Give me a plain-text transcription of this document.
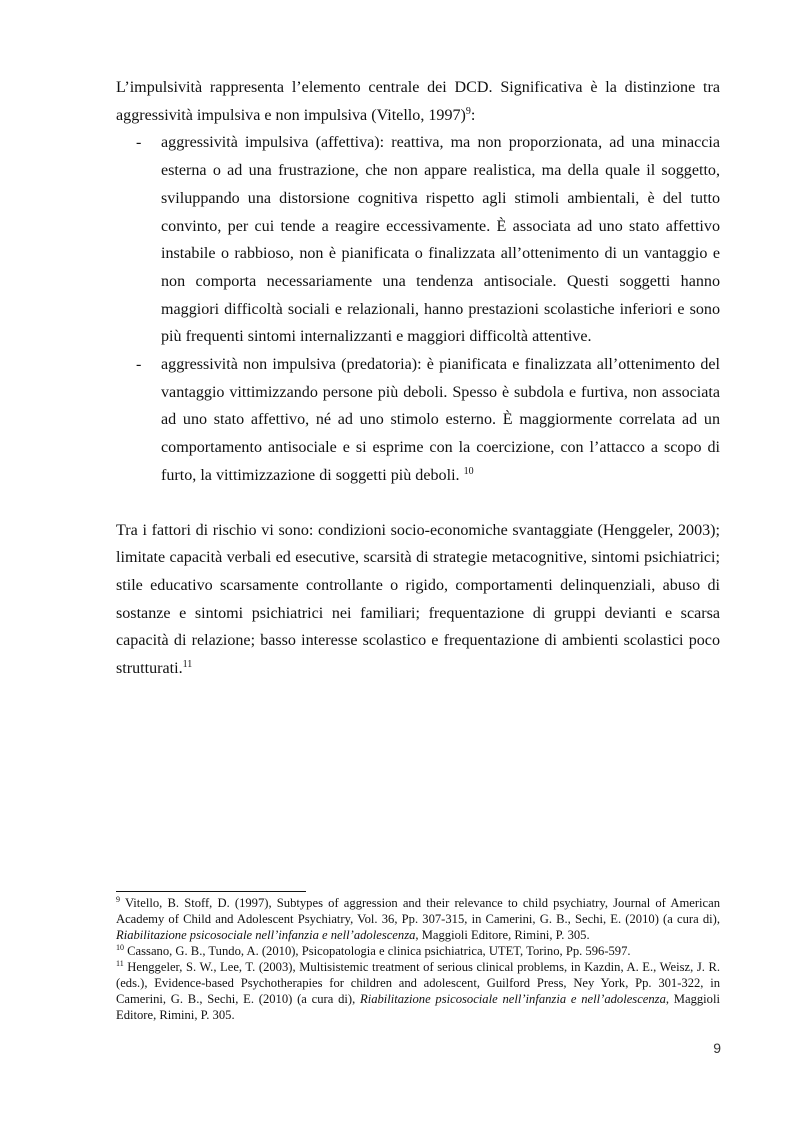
L’impulsività rappresenta l’elemento centrale dei DCD. Significativa è la distinzione tra aggressività impulsiva e non impulsiva (Vitello, 1997)$^9$:

- aggressività impulsiva (affettiva): reattiva, ma non proporzionata, ad una minaccia esterna o ad una frustrazione, che non appare realistica, ma della quale il soggetto, sviluppando una distorsione cognitiva rispetto agli stimoli ambientali, è del tutto convinto, per cui tende a reagire eccessivamente. È associata ad uno stato affettivo instabile o rabbioso, non è pianificata o finalizzata all’ottenimento di un vantaggio e non comporta necessariamente una tendenza antisociale. Questi soggetti hanno maggiori difficoltà sociali e relazionali, hanno prestazioni scolastiche inferiori e sono più frequenti sintomi internalizzanti e maggiori difficoltà attentive.
- aggressività non impulsiva (predatoria): è pianificata e finalizzata all’ottenimento del vantaggio vittimizzando persone più deboli. Spesso è subdola e furtiva, non associata ad uno stato affettivo, né ad uno stimolo esterno. È maggiormente correlata ad un comportamento antisociale e si esprime con la coercizione, con l’attacco a scopo di furto, la vittimizzazione di soggetti più deboli. $^{10}$

Tra i fattori di rischio vi sono: condizioni socio-economiche svantaggiate (Henggeler, 2003); limitate capacità verbali ed esecutive, scarsità di strategie metacognitive, sintomi psichiatrici; stile educativo scarsamente controllante o rigido, comportamenti delinquenziali, abuso di sostanze e sintomi psichiatrici nei familiari; frequentazione di gruppi devianti e scarsa capacità di relazione; basso interesse scolastico e frequentazione di ambienti scolastici poco strutturati.$^{11}$

$^9$ Vitello, B. Stoff, D. (1997), Subtypes of aggression and their relevance to child psychiatry, Journal of American Academy of Child and Adolescent Psychiatry, Vol. 36, Pp. 307-315, in Camerini, G. B., Sechi, E. (2010) (a cura di), Riabilitazione psicosociale nell’infanzia e nell’adolescenza, Maggioli Editore, Rimini, P. 305.

$^{10}$ Cassano, G. B., Tundo, A. (2010), Psicopatologia e clinica psichiatrica, UTET, Torino, Pp. 596-597.

$^{11}$ Henggeler, S. W., Lee, T. (2003), Multisistemic treatment of serious clinical problems, in Kazdin, A. E., Weisz, J. R. (eds.), Evidence-based Psychotherapies for children and adolescent, Guilford Press, Ney York, Pp. 301-322, in Camerini, G. B., Sechi, E. (2010) (a cura di), Riabilitazione psicosociale nell’infanzia e nell’adolescenza, Maggioli Editore, Rimini, P. 305.

9
